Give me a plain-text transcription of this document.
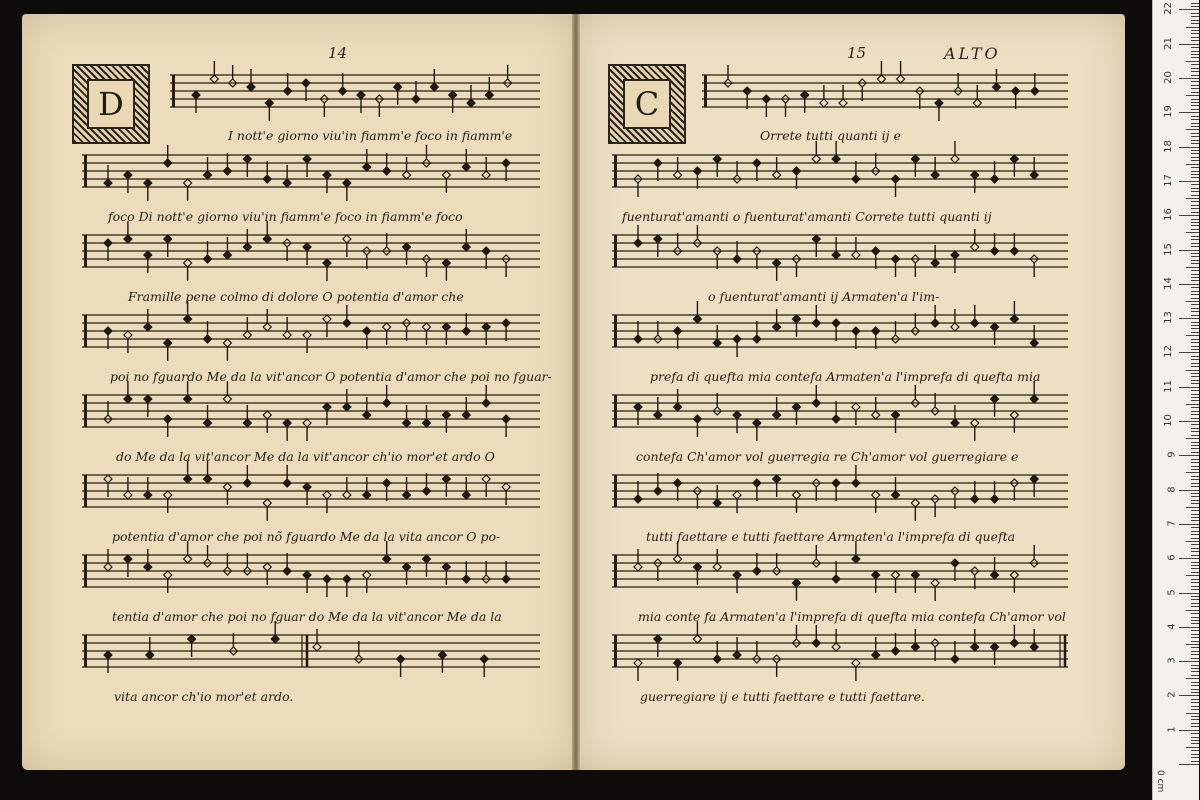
14	15	ALTO
D	C
I nott'e giorno viu'in fiamm'e foco in fiamm'e
foco Di nott'e giorno viu'in fiamm'e foco in fiamm'e foco
Framille pene colmo di dolore O potentia d'amor che
poi no fguardo Me da la vit'ancor O potentia d'amor che poi no fguar-
do Me da la vit'ancor Me da la vit'ancor ch'io mor'et ardo O
potentia d'amor che poi nõ fguardo Me da la vita ancor O po-
tentia d'amor che poi no fguar do Me da la vit'ancor Me da la
vita ancor ch'io mor'et ardo.
Orrete tutti quanti ij e
fuenturat'amanti o fuenturat'amanti Correte tutti quanti ij
o fuenturat'amanti ij Armaten'a l'im-
prefa di quefta mia contefa Armaten'a l'imprefa di quefta mia
contefa Ch'amor vol guerregia re Ch'amor vol guerregiare e
tutti faettare e tutti faettare Armaten'a l'imprefa di quefta
mia conte fa Armaten'a l'imprefa di quefta mia contefa Ch'amor vol
guerregiare ij e tutti faettare e tutti faettare.
0 cm
1
2
3
4
5
6
7
8
9
10
11
12
13
14
15
16
17
18
19
20
21
22
